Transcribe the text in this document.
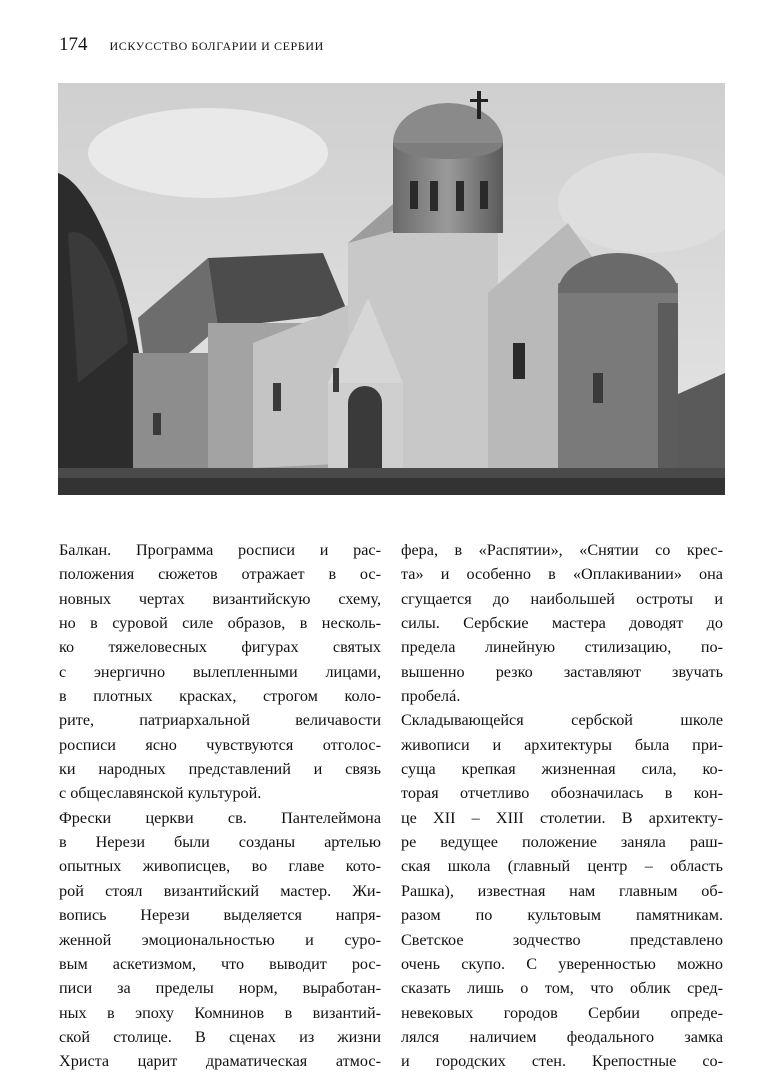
174 ИСКУССТВО БОЛГАРИИ И СЕРБИИ
Балкан. Программа росписи и рас-
положения сюжетов отражает в ос-
новных чертах византийскую схему,
но в суровой силе образов, в несколь-
ко тяжеловесных фигурах святых
с энергично вылепленными лицами,
в плотных красках, строгом коло-
рите, патриархальной величавости
росписи ясно чувствуются отголос-
ки народных представлений и связь
с общеславянской культурой.
Фрески церкви св. Пантелеймона
в Нерези были созданы артелью
опытных живописцев, во главе кото-
рой стоял византийский мастер. Жи-
вопись Нерези выделяется напря-
женной эмоциональностью и суро-
вым аскетизмом, что выводит рос-
писи за пределы норм, выработан-
ных в эпоху Комнинов в византий-
ской столице. В сценах из жизни
Христа царит драматическая атмос-
фера, в «Распятии», «Снятии со крес-
та» и особенно в «Оплакивании» она
сгущается до наибольшей остроты и
силы. Сербские мастера доводят до
предела линейную стилизацию, по-
вышенно резко заставляют звучать
пробелá.
Складывающейся сербской школе
живописи и архитектуры была при-
суща крепкая жизненная сила, ко-
торая отчетливо обозначилась в кон-
це XII – XIII столетии. В архитекту-
ре ведущее положение заняла раш-
ская школа (главный центр – область
Рашка), известная нам главным об-
разом по культовым памятникам.
Светское зодчество представлено
очень скупо. С уверенностью можно
сказать лишь о том, что облик сред-
невековых городов Сербии опреде-
лялся наличием феодального замка
и городских стен. Крепостные со-
